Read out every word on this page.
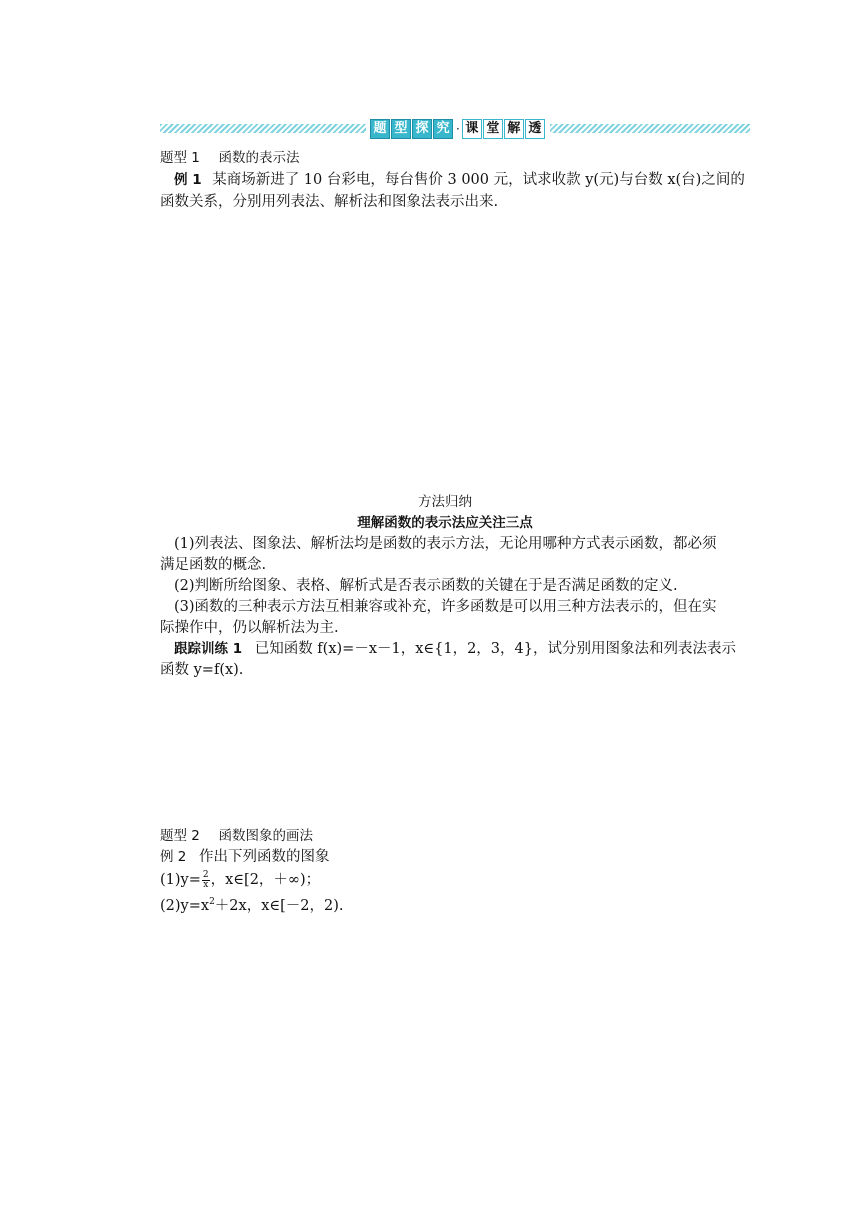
题 型 探 究 · 课 堂 解 透
题型 1 函数的表示法
例 1 某商场新进了 10 台彩电，每台售价 3 000 元，试求收款 y(元)与台数 x(台)之间的
函数关系，分别用列表法、解析法和图象法表示出来.
方法归纳
理解函数的表示法应关注三点
(1)列表法、图象法、解析法均是函数的表示方法，无论用哪种方式表示函数，都必须
满足函数的概念.
(2)判断所给图象、表格、解析式是否表示函数的关键在于是否满足函数的定义.
(3)函数的三种表示方法互相兼容或补充，许多函数是可以用三种方法表示的，但在实
际操作中，仍以解析法为主.
跟踪训练 1 已知函数 f(x)=－x－1，x∈{1，2，3，4}，试分别用图象法和列表法表示
函数 y=f(x).
题型 2 函数图象的画法
例 2 作出下列函数的图象
$(1)y= \frac{2}{x}$ ，x∈[2，＋∞)；
$(2)y=x^2+2x$，x∈[－2，2).
